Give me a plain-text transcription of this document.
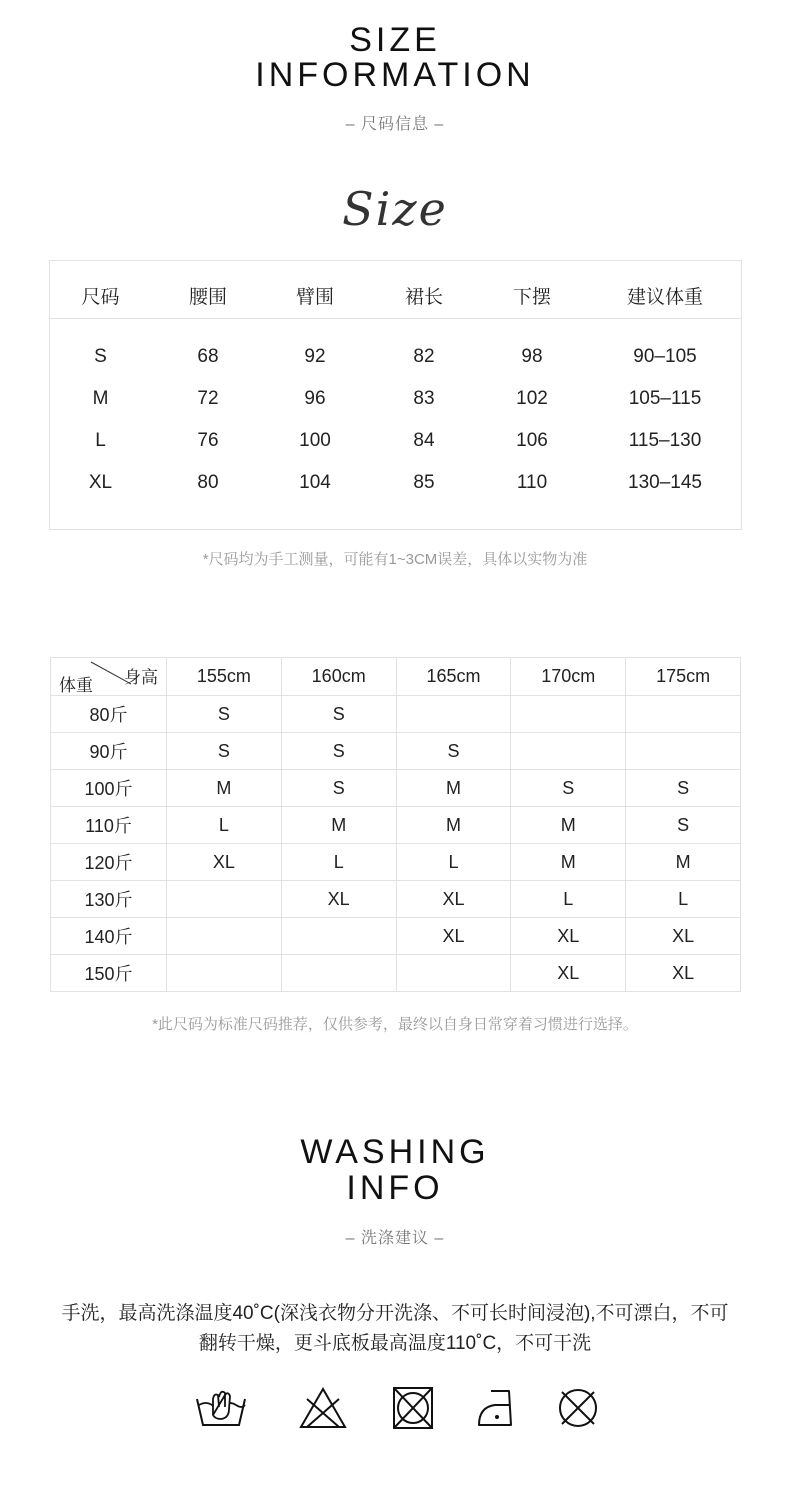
SIZE
INFORMATION
– 尺码信息 –
Size
尺码	腰围	臂围	裙长	下摆	建议体重
S	68	92	82	98	90–105
M	72	96	83	102	105–115
L	76	100	84	106	115–130
XL	80	104	85	110	130–145
*尺码均为手工测量，可能有1~3CM误差，具体以实物为准
体重 身高	155cm	160cm	165cm	170cm	175cm
80斤	S	S			
90斤	S	S	S		
100斤	M	S	M	S	S
110斤	L	M	M	M	S
120斤	XL	L	L	M	M
130斤		XL	XL	L	L
140斤			XL	XL	XL
150斤				XL	XL
*此尺码为标准尺码推荐，仅供参考，最终以自身日常穿着习惯进行选择。
WASHING
INFO
– 洗涤建议 –
手洗，最高洗涤温度40˚C(深浅衣物分开洗涤、不可长时间浸泡),不可漂白，不可
翻转干燥，更斗底板最高温度110˚C，不可干洗
